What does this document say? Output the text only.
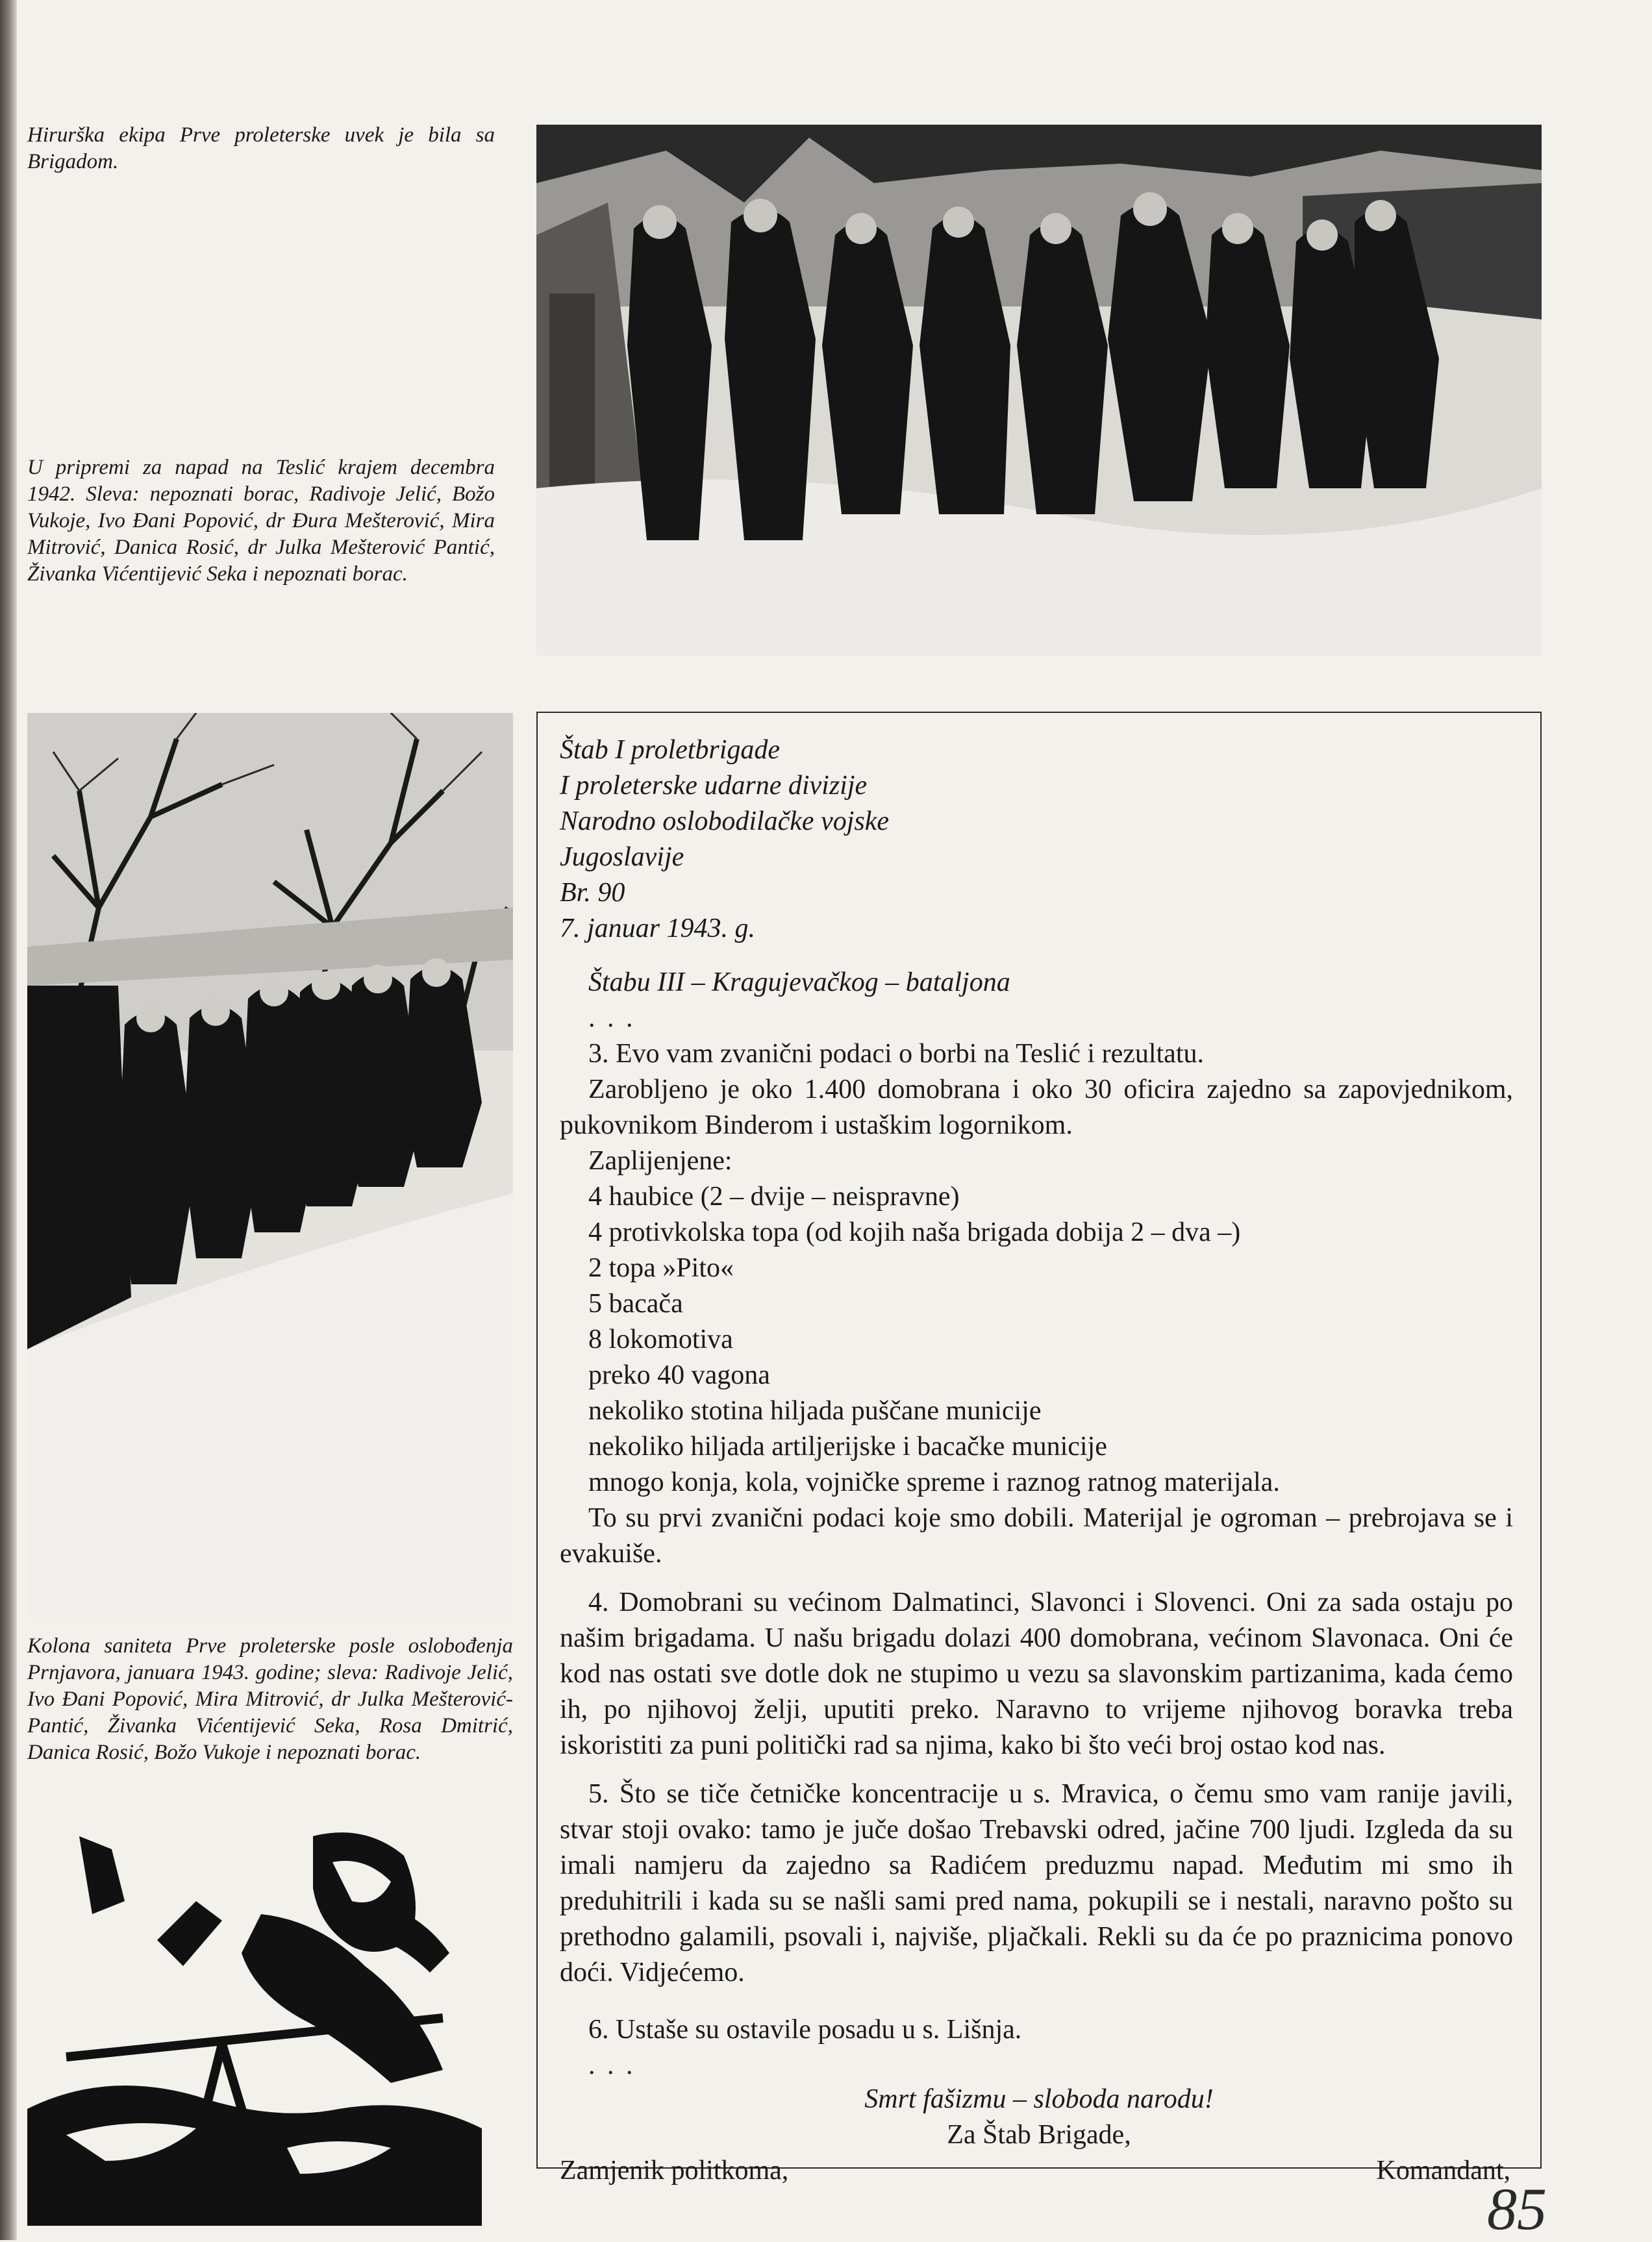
Hirurška ekipa Prve proleterske uvek je bila sa Brigadom.

U pripremi za napad na Teslić krajem decembra 1942. Sleva: nepoznati borac, Radivoje Jelić, Božo Vukoje, Ivo Đani Popović, dr Đura Mešterović, Mira Mitrović, Danica Rosić, dr Julka Mešterović Pantić, Živanka Vićentijević Seka i nepoznati borac.

Kolona saniteta Prve proleterske posle oslobođenja Prnjavora, januara 1943. godine; sleva: Radivoje Jelić, Ivo Đani Popović, Mira Mitrović, dr Julka Mešterović-Pantić, Živanka Vićentijević Seka, Rosa Dmitrić, Danica Rosić, Božo Vukoje i nepoznati borac.

Štab I proletbrigade
I proleterske udarne divizije
Narodno oslobodilačke vojske
Jugoslavije
Br. 90
7. januar 1943. g.
Štabu III – Kragujevačkog – bataljona
. . .

3. Evo vam zvanični podaci o borbi na Teslić i rezultatu.

Zarobljeno je oko 1.400 domobrana i oko 30 oficira zajedno sa zapovjednikom, pukovnikom Binderom i ustaškim logornikom.

Zaplijenjene:

4 haubice (2 – dvije – neispravne)
4 protivkolska topa (od kojih naša brigada dobija 2 – dva –)
2 topa »Pito«
5 bacača
8 lokomotiva
preko 40 vagona
nekoliko stotina hiljada puščane municije
nekoliko hiljada artiljerijske i bacačke municije
mnogo konja, kola, vojničke spreme i raznog ratnog materijala.

To su prvi zvanični podaci koje smo dobili. Materijal je ogroman – prebrojava se i evakuiše.

4. Domobrani su većinom Dalmatinci, Slavonci i Slovenci. Oni za sada ostaju po našim brigadama. U našu brigadu dolazi 400 domobrana, većinom Slavonaca. Oni će kod nas ostati sve dotle dok ne stupimo u vezu sa slavonskim partizanima, kada ćemo ih, po njihovoj želji, uputiti preko. Naravno to vrijeme njihovog boravka treba iskoristiti za puni politički rad sa njima, kako bi što veći broj ostao kod nas.

5. Što se tiče četničke koncentracije u s. Mravica, o čemu smo vam ranije javili, stvar stoji ovako: tamo je juče došao Trebavski odred, jačine 700 ljudi. Izgleda da su imali namjeru da zajedno sa Radićem preduzmu napad. Međutim mi smo ih preduhitrili i kada su se našli sami pred nama, pokupili se i nestali, naravno pošto su prethodno galamili, psovali i, najviše, pljačkali. Rekli su da će po praznicima ponovo doći. Vidjećemo.

6. Ustaše su ostavile posadu u s. Lišnja.

. . .
Smrt fašizmu – sloboda narodu!
Za Štab Brigade,
Zamjenik politkoma,	Komandant,
85
